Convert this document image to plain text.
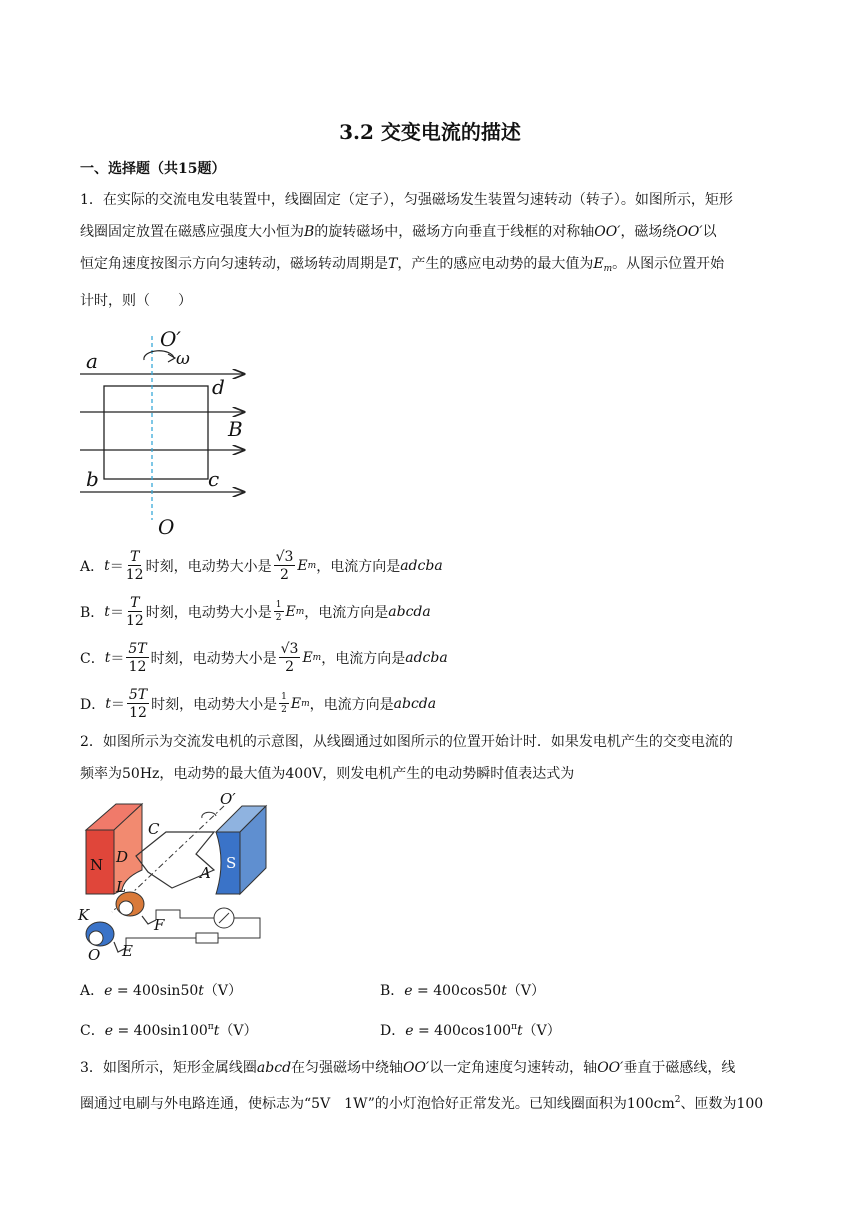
3.2 交变电流的描述
一、选择题（共15题）
1．在实际的交流电发电装置中，线圈固定（定子），匀强磁场发生装置匀速转动（转子）。如图所示，矩形
线圈固定放置在磁感应强度大小恒为B的旋转磁场中，磁场方向垂直于线框的对称轴OO′，磁场绕OO′以
恒定角速度按图示方向匀速转动，磁场转动周期是T，产生的感应电动势的最大值为$E_m$。从图示位置开始
计时，则（　　）
O′
ω
a
d
B
b	c
O
A． $t = \frac{T}{12}$ 时刻，电动势大小是 $\frac{√3}{2}$ E m ，电流方向是 adcba
B． $t = \frac{T}{12}$ 时刻，电动势大小是 $\frac{1}{2}$ E m ，电流方向是 abcda
C． $t = \frac{5T}{12}$ 时刻，电动势大小是 $\frac{√3}{2}$ E m ，电流方向是 adcba
D． $t = \frac{5T}{12}$ 时刻，电动势大小是 $\frac{1}{2}$ E m ，电流方向是 abcda
2．如图所示为交流发电机的示意图，从线圈通过如图所示的位置开始计时．如果发电机产生的交变电流的
频率为50Hz，电动势的最大值为400V，则发电机产生的电动势瞬时值表达式为
O′
C
D
N	S
A
L
K
F
E
O
A．e = 400sin50t（V）	B．e = 400cos50t（V）
C．$e = 400\sin 100^\pi t(V)$	D．$e = 400\cos 100^\pi t(V)$
3．如图所示，矩形金属线圈abcd在匀强磁场中绕轴OO′以一定角速度匀速转动，轴OO′垂直于磁感线，线
圈通过电刷与外电路连通，使标志为“5V　1W”的小灯泡恰好正常发光。已知线圈面积为$100cm^2$、匝数为100
